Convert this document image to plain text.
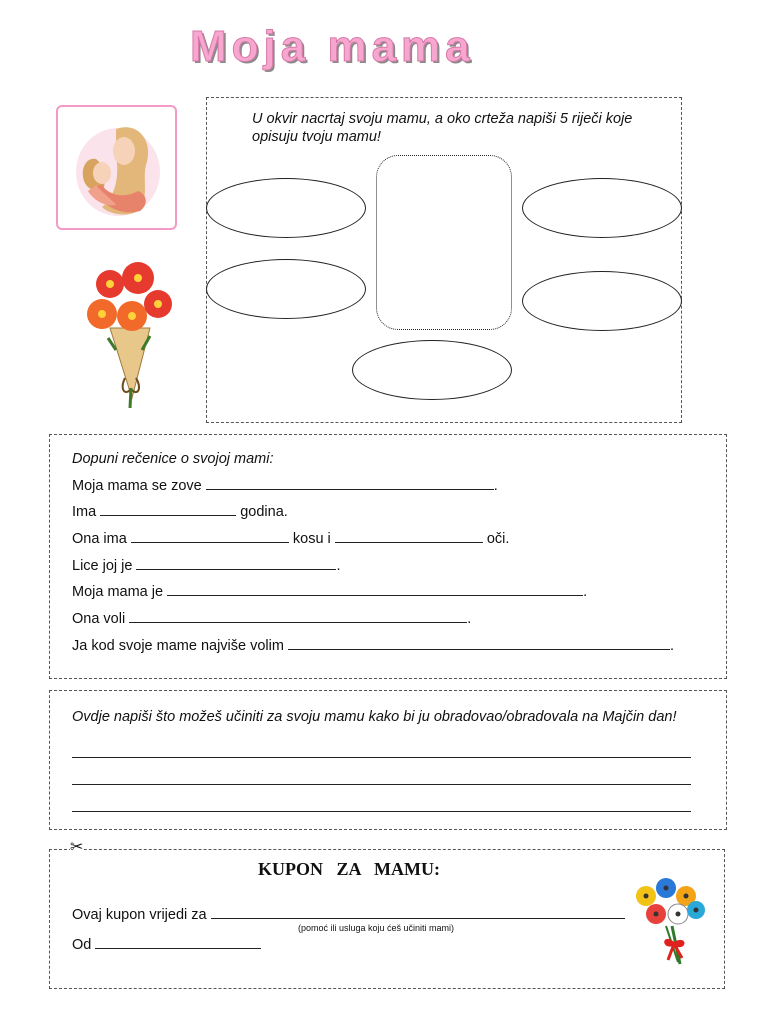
Moja mama
U okvir nacrtaj svoju mamu, a oko crteža napiši 5 riječi koje opisuju tvoju mamu!
Dopuni rečenice o svojoj mami:
Moja mama se zove	.
Ima	godina.
Ona ima	kosu i	oči.
Lice joj je	.
Moja mama je	.
Ona voli	.
Ja kod svoje mame najviše volim	.
Ovdje napiši što možeš učiniti za svoju mamu kako bi ju obradovao/obradovala na Majčin dan!
✂
KUPON   ZA   MAMU:
Ovaj kupon vrijedi za
(pomoć ili usluga koju ćeš učiniti mami)
Od
